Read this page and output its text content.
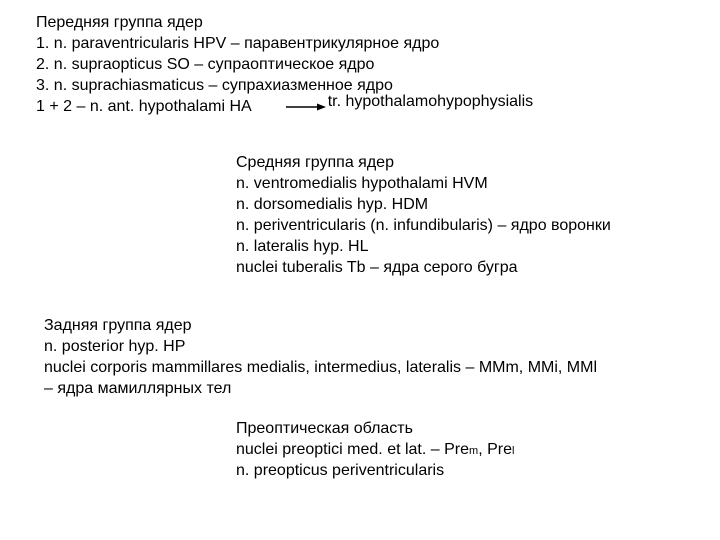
Передняя группа ядер
1. n. paraventricularis HPV – паравентрикулярное ядро
2. n. supraopticus SO – супраоптическое ядро
3. n. suprachiasmaticus – супрахиазменное ядро
1 + 2 – n. ant. hypothalami HA	tr. hypothalamohypophysialis
Средняя группа ядер
n. ventromedialis hypothalami HVM
n. dorsomedialis hyp. HDM
n. periventricularis (n. infundibularis) – ядро воронки
n. lateralis hyp. HL
nuclei tuberalis Tb – ядра серого бугра
Задняя группа ядер
n. posterior hyp. HP
nuclei corporis mammillares medialis, intermedius, lateralis – MMm, MMi, MMl
– ядра мамиллярных тел
Преоптическая область
nuclei preoptici med. et lat. – Prem, Prel
n. preopticus periventricularis
